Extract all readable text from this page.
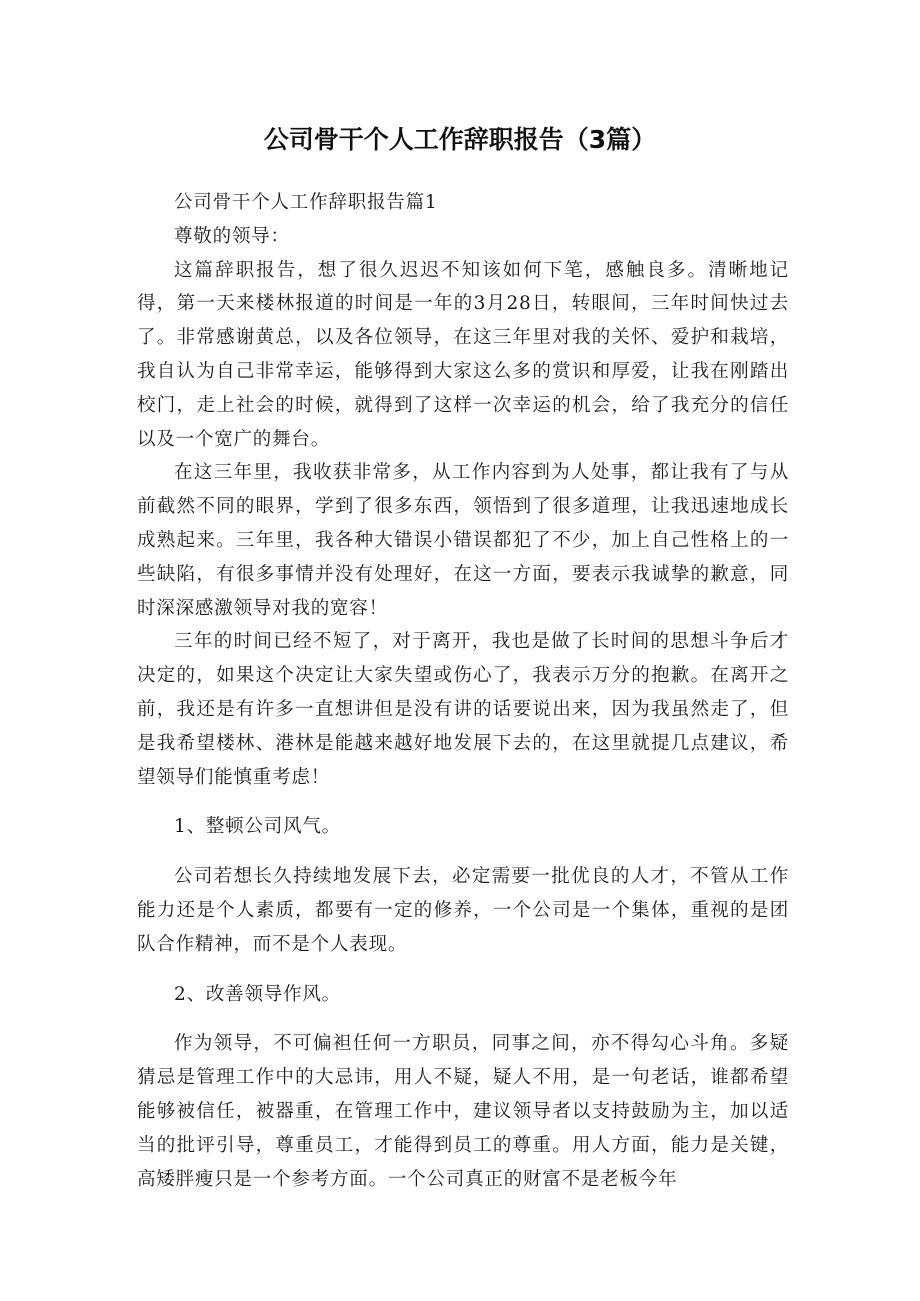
公司骨干个人工作辞职报告（3篇）

公司骨干个人工作辞职报告篇1

尊敬的领导：

这篇辞职报告，想了很久迟迟不知该如何下笔，感触良多。清晰地记得，第一天来楼林报道的时间是一年的3月28日，转眼间，三年时间快过去了。非常感谢黄总，以及各位领导，在这三年里对我的关怀、爱护和栽培，我自认为自己非常幸运，能够得到大家这么多的赏识和厚爱，让我在刚踏出校门，走上社会的时候，就得到了这样一次幸运的机会，给了我充分的信任以及一个宽广的舞台。

在这三年里，我收获非常多，从工作内容到为人处事，都让我有了与从前截然不同的眼界，学到了很多东西，领悟到了很多道理，让我迅速地成长成熟起来。三年里，我各种大错误小错误都犯了不少，加上自己性格上的一些缺陷，有很多事情并没有处理好，在这一方面，要表示我诚挚的歉意，同时深深感激领导对我的宽容！

三年的时间已经不短了，对于离开，我也是做了长时间的思想斗争后才决定的，如果这个决定让大家失望或伤心了，我表示万分的抱歉。在离开之前，我还是有许多一直想讲但是没有讲的话要说出来，因为我虽然走了，但是我希望楼林、港林是能越来越好地发展下去的，在这里就提几点建议，希望领导们能慎重考虑！

1、整顿公司风气。

公司若想长久持续地发展下去，必定需要一批优良的人才，不管从工作能力还是个人素质，都要有一定的修养，一个公司是一个集体，重视的是团队合作精神，而不是个人表现。

2、改善领导作风。

作为领导，不可偏袒任何一方职员，同事之间，亦不得勾心斗角。多疑猜忌是管理工作中的大忌讳，用人不疑，疑人不用，是一句老话，谁都希望能够被信任，被器重，在管理工作中，建议领导者以支持鼓励为主，加以适当的批评引导，尊重员工，才能得到员工的尊重。用人方面，能力是关键，高矮胖瘦只是一个参考方面。一个公司真正的财富不是老板今年
